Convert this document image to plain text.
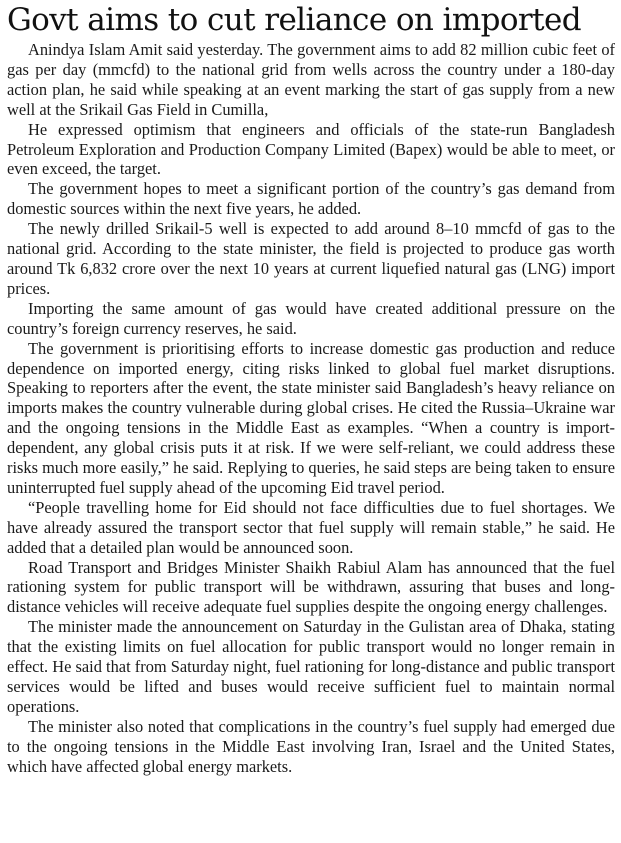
Govt aims to cut reliance on imported

Anindya Islam Amit said yesterday. The government aims to add 82 million cubic feet of gas per day (mmcfd) to the national grid from wells across the country under a 180-day action plan, he said while speaking at an event marking the start of gas supply from a new well at the Srikail Gas Field in Cumilla,

He expressed optimism that engineers and officials of the state-run Bangladesh Petroleum Exploration and Production Company Limited (Bapex) would be able to meet, or even exceed, the target.

The government hopes to meet a significant portion of the country’s gas demand from domestic sources within the next five years, he added.

The newly drilled Srikail-5 well is expected to add around 8–10 mmcfd of gas to the national grid. According to the state minister, the field is projected to produce gas worth around Tk 6,832 crore over the next 10 years at current liquefied natural gas (LNG) import prices.

Importing the same amount of gas would have created additional pressure on the country’s foreign currency reserves, he said.

The government is prioritising efforts to increase domestic gas production and reduce dependence on imported energy, citing risks linked to global fuel market disruptions. Speaking to reporters after the event, the state minister said Bangladesh’s heavy reliance on imports makes the country vulnerable during global crises. He cited the Russia–Ukraine war and the ongoing tensions in the Middle East as examples. “When a country is import-dependent, any global crisis puts it at risk. If we were self-reliant, we could address these risks much more easily,” he said. Replying to queries, he said steps are being taken to ensure uninterrupted fuel supply ahead of the upcoming Eid travel period.

“People travelling home for Eid should not face difficulties due to fuel shortages. We have already assured the transport sector that fuel supply will remain stable,” he said. He added that a detailed plan would be announced soon.

Road Transport and Bridges Minister Shaikh Rabiul Alam has announced that the fuel rationing system for public transport will be withdrawn, assuring that buses and long-distance vehicles will receive adequate fuel supplies despite the ongoing energy challenges.

The minister made the announcement on Saturday in the Gulistan area of Dhaka, stating that the existing limits on fuel allocation for public transport would no longer remain in effect. He said that from Saturday night, fuel rationing for long-distance and public transport services would be lifted and buses would receive sufficient fuel to maintain normal operations.

The minister also noted that complications in the country’s fuel supply had emerged due to the ongoing tensions in the Middle East involving Iran, Israel and the United States, which have affected global energy markets.
